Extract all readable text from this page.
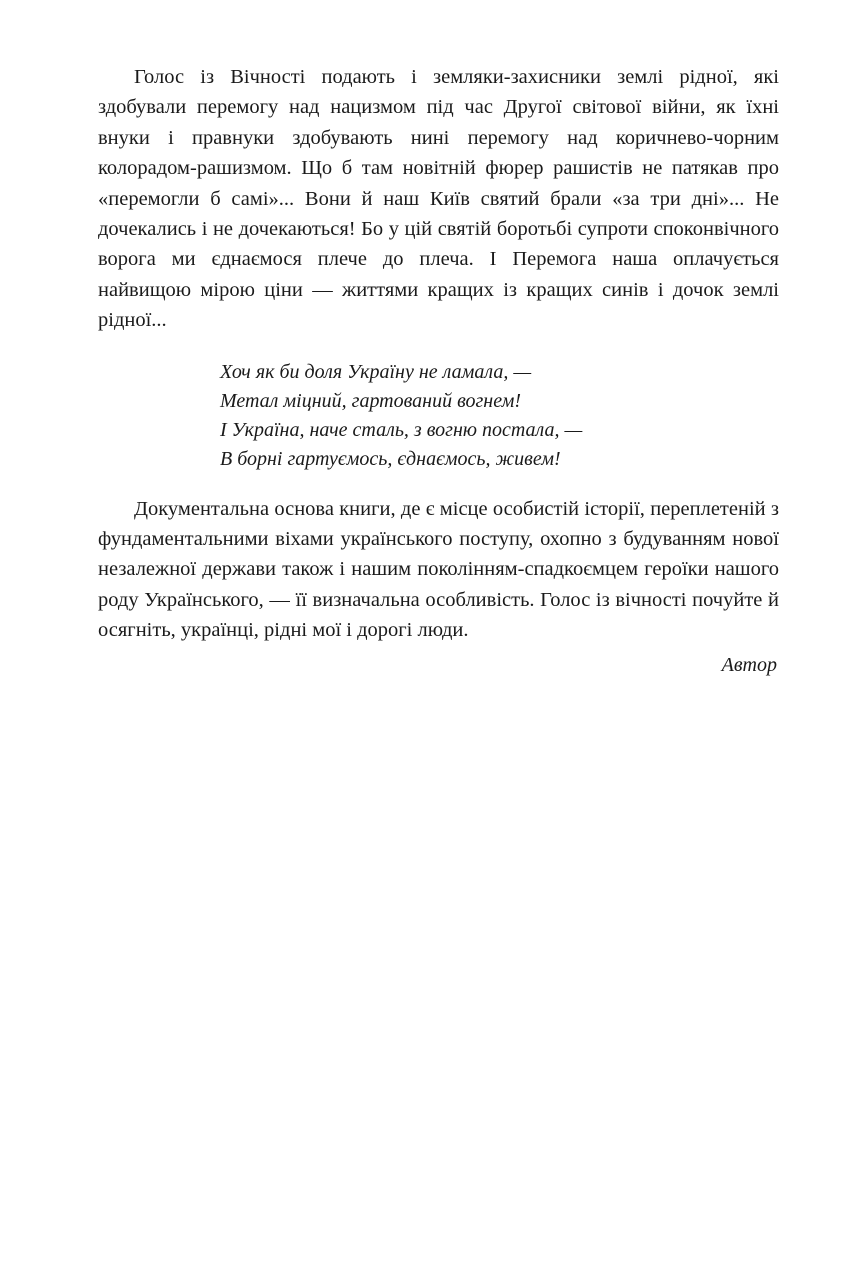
Голос із Вічності подають і земляки-захисники землі рідної, які здобували перемогу над нацизмом під час Другої світової війни, як їхні внуки і правнуки здобувають нині перемогу над коричнево-чорним колорадом-рашизмом. Що б там новітній фюрер рашистів не патякав про «перемогли б самі»... Вони й наш Київ святий брали «за три дні»... Не дочекались і не дочекаються! Бо у цій святій боротьбі супроти споконвічного ворога ми єднаємося плече до плеча. І Перемога наша оплачується найвищою мірою ціни — життями кращих із кращих синів і дочок землі рідної...

Хоч як би доля Україну не ламала, —
Метал міцний, гартований вогнем!
І Україна, наче сталь, з вогню постала, —
В борні гартуємось, єднаємось, живем!

Документальна основа книги, де є місце особистій історії, переплетеній з фундаментальними віхами українського поступу, охопно з будуванням нової незалежної держави також і нашим поколінням-спадкоємцем героїки нашого роду Українського, — її визначальна особливість. Голос із вічності почуйте й осягніть, українці, рідні мої і дорогі люди.

Автор
